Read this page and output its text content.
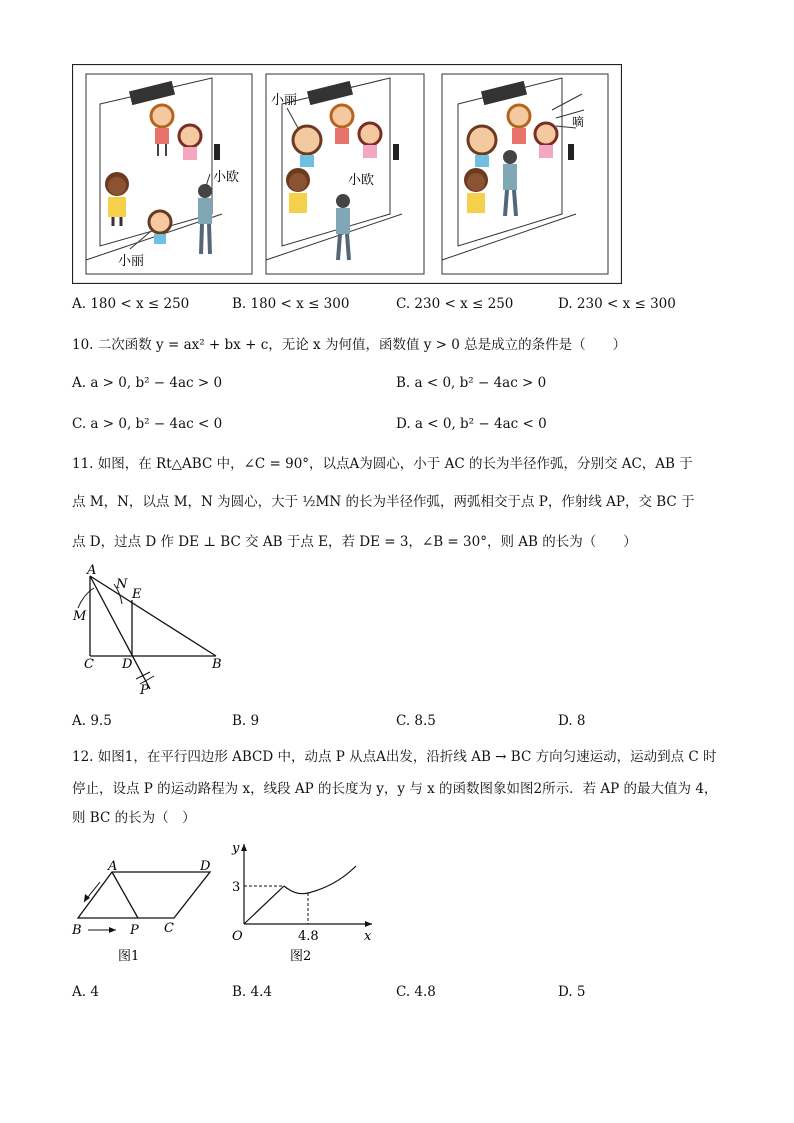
小欧
小丽
小丽
小欧
嘀
A. 180 < x ≤ 250	B. 180 < x ≤ 300	C. 230 < x ≤ 250	D. 230 < x ≤ 300
10. 二次函数 y = ax² + bx + c，无论 x 为何值，函数值 y > 0 总是成立的条件是（　　）
A. a > 0, b² − 4ac > 0	B. a < 0, b² − 4ac > 0
C. a > 0, b² − 4ac < 0	D. a < 0, b² − 4ac < 0
11. 如图，在 Rt△ABC 中，∠C = 90°，以点A为圆心，小于 AC 的长为半径作弧，分别交 AC，AB 于
点 M，N，以点 M，N 为圆心，大于 ½MN 的长为半径作弧，两弧相交于点 P，作射线 AP，交 BC 于
点 D，过点 D 作 DE ⊥ BC 交 AB 于点 E，若 DE = 3，∠B = 30°，则 AB 的长为（　　）
A
N
E
M
C D	B
P
A. 9.5	B. 9	C. 8.5	D. 8
12. 如图1，在平行四边形 ABCD 中，动点 P 从点A出发，沿折线 AB → BC 方向匀速运动，运动到点 C 时
停止，设点 P 的运动路程为 x，线段 AP 的长度为 y，y 与 x 的函数图象如图2所示．若 AP 的最大值为 4，
则 BC 的长为（　）
A	D
B	P C
图1
y
x
O
3
4.8
图2
A. 4	B. 4.4	C. 4.8	D. 5
